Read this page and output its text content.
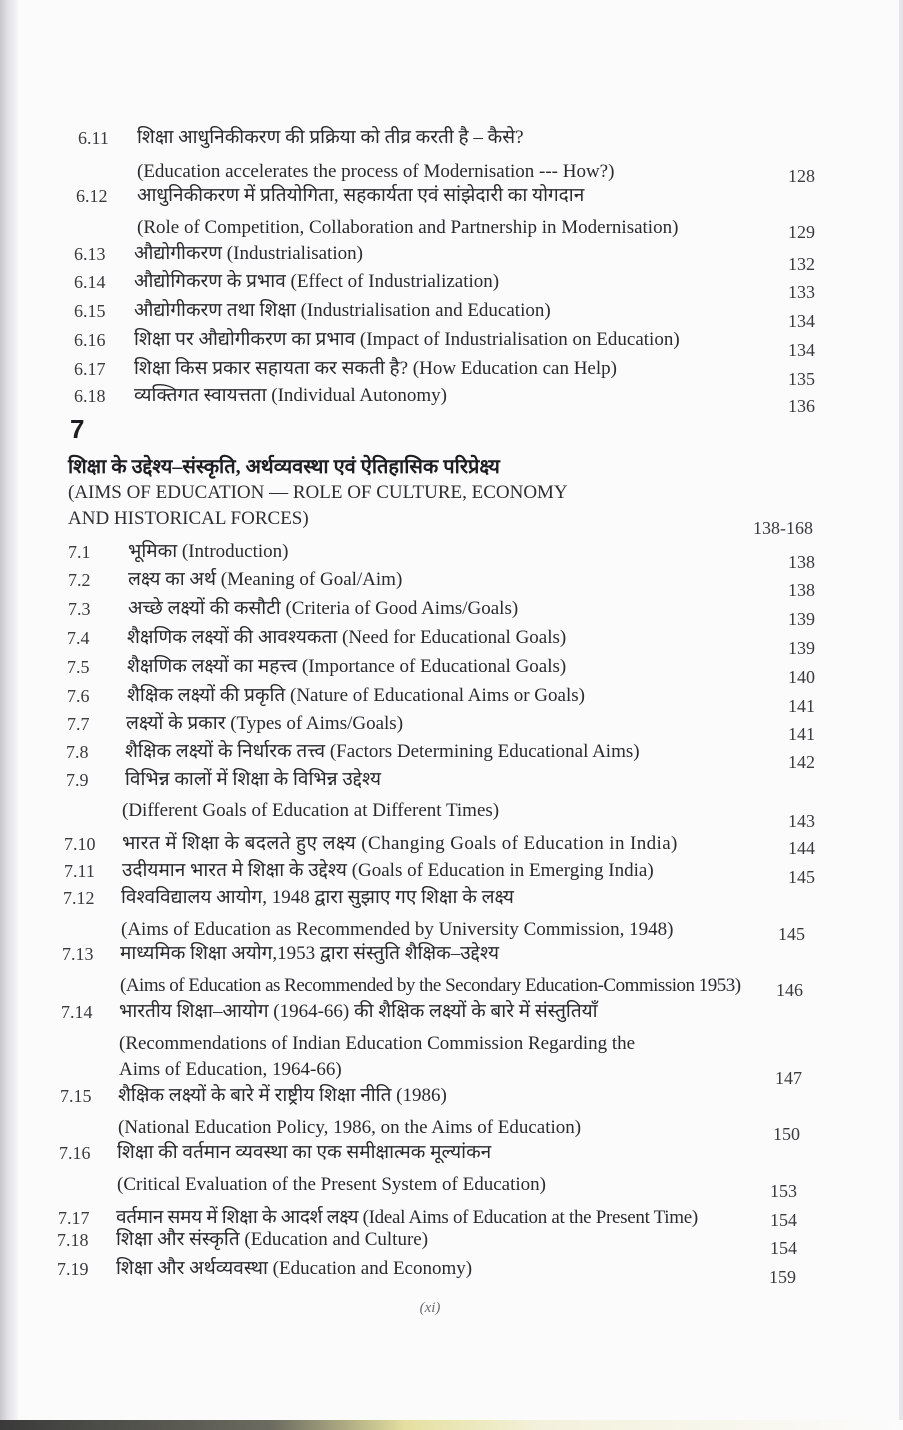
6.11 शिक्षा आधुनिकीकरण की प्रक्रिया को तीव्र करती है – कैसे?
(Education accelerates the process of Modernisation --- How?)	128
6.12 आधुनिकीकरण में प्रतियोगिता, सहकार्यता एवं सांझेदारी का योगदान
(Role of Competition, Collaboration and Partnership in Modernisation)	129
6.13 औद्योगीकरण (Industrialisation)	132
6.14 औद्योगिकरण के प्रभाव (Effect of Industrialization)	133
6.15 औद्योगीकरण तथा शिक्षा (Industrialisation and Education)	134
6.16 शिक्षा पर औद्योगीकरण का प्रभाव (Impact of Industrialisation on Education)	134
6.17 शिक्षा किस प्रकार सहायता कर सकती है? (How Education can Help)	135
6.18 व्यक्तिगत स्वायत्तता (Individual Autonomy)	136
7
शिक्षा के उद्देश्य–संस्कृति, अर्थव्यवस्था एवं ऐतिहासिक परिप्रेक्ष्य
(AIMS OF EDUCATION — ROLE OF CULTURE, ECONOMY
AND HISTORICAL FORCES)	138-168
7.1 भूमिका (Introduction)	138
7.2 लक्ष्य का अर्थ (Meaning of Goal/Aim)	138
7.3 अच्छे लक्ष्यों की कसौटी (Criteria of Good Aims/Goals)	139
7.4 शैक्षणिक लक्ष्यों की आवश्यकता (Need for Educational Goals)	139
7.5 शैक्षणिक लक्ष्यों का महत्त्व (Importance of Educational Goals)	140
7.6 शैक्षिक लक्ष्यों की प्रकृति (Nature of Educational Aims or Goals)	141
7.7 लक्ष्यों के प्रकार (Types of Aims/Goals)	141
7.8 शैक्षिक लक्ष्यों के निर्धारक तत्त्व (Factors Determining Educational Aims)	142
7.9 विभिन्न कालों में शिक्षा के विभिन्न उद्देश्य
(Different Goals of Education at Different Times)	143
7.10 भारत में शिक्षा के बदलते हुए लक्ष्य (Changing Goals of Education in India)	144
7.11 उदीयमान भारत मे शिक्षा के उद्देश्य (Goals of Education in Emerging India)	145
7.12 विश्वविद्यालय आयोग, 1948 द्वारा सुझाए गए शिक्षा के लक्ष्य
(Aims of Education as Recommended by University Commission, 1948)	145
7.13 माध्यमिक शिक्षा अयोग,1953 द्वारा संस्तुति शैक्षिक–उद्देश्य
(Aims of Education as Recommended by the Secondary Education-Commission 1953) 146
7.14 भारतीय शिक्षा–आयोग (1964-66) की शैक्षिक लक्ष्यों के बारे में संस्तुतियाँ
(Recommendations of Indian Education Commission Regarding the
Aims of Education, 1964-66)	147
7.15 शैक्षिक लक्ष्यों के बारे में राष्ट्रीय शिक्षा नीति (1986)
(National Education Policy, 1986, on the Aims of Education)	150
7.16 शिक्षा की वर्तमान व्यवस्था का एक समीक्षात्मक मूल्यांकन
(Critical Evaluation of the Present System of Education)	153
7.17 वर्तमान समय में शिक्षा के आदर्श लक्ष्य (Ideal Aims of Education at the Present Time)	154
7.18 शिक्षा और संस्कृति (Education and Culture)	154
7.19 शिक्षा और अर्थव्यवस्था (Education and Economy)	159
(xi)
